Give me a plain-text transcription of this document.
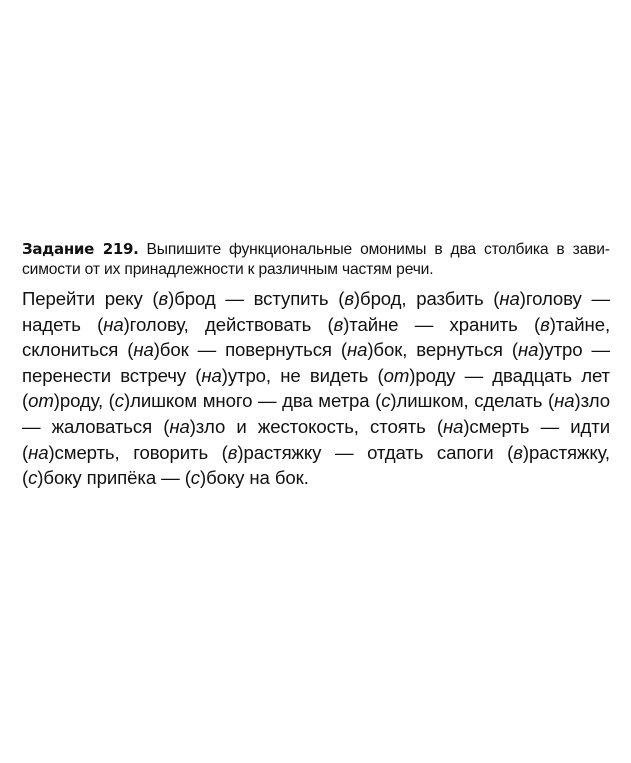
Задание 219. Выпишите функциональные омонимы в два столбика в зависимости от их принадлежности к различным частям речи.

Перейти реку (в)брод — вступить (в)брод, разбить (на)голову — надеть (на)голову, действовать (в)тайне — хранить (в)тайне, склониться (на)бок — повернуться (на)бок, вернуться (на)утро — перенести встречу (на)утро, не видеть (от)роду — двадцать лет (от)роду, (с)лишком много — два метра (с)лишком, сделать (на)зло — жаловаться (на)зло и жестокость, стоять (на)смерть — идти (на)смерть, говорить (в)растяжку — отдать сапоги (в)растяжку, (с)боку припёка — (с)боку на бок.
